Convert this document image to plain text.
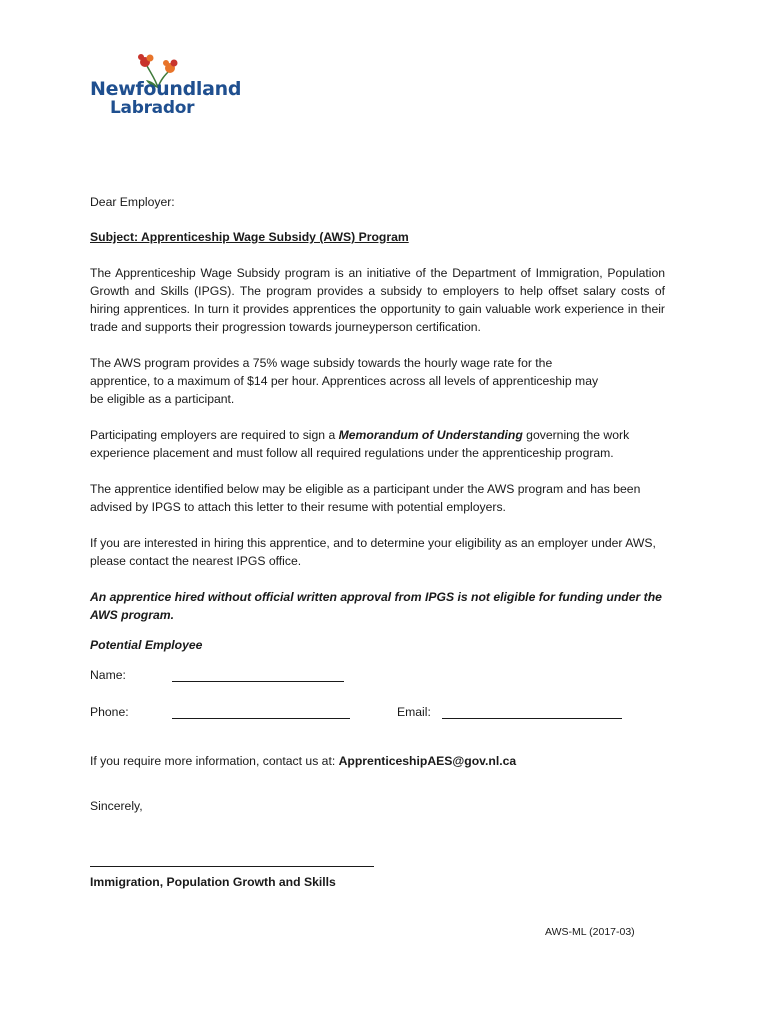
Newfoundland
Labrador
Dear Employer:
Subject: Apprenticeship Wage Subsidy (AWS) Program
The Apprenticeship Wage Subsidy program is an initiative of the Department of Immigration, Population Growth and Skills (IPGS). The program provides a subsidy to employers to help offset salary costs of hiring apprentices. In turn it provides apprentices the opportunity to gain valuable work experience in their trade and supports their progression towards journeyperson certification.
The AWS program provides a 75% wage subsidy towards the hourly wage rate for the
apprentice, to a maximum of $14 per hour. Apprentices across all levels of apprenticeship may
be eligible as a participant.
Participating employers are required to sign a Memorandum of Understanding governing the work experience placement and must follow all required regulations under the apprenticeship program.
The apprentice identified below may be eligible as a participant under the AWS program and has been advised by IPGS to attach this letter to their resume with potential employers.
If you are interested in hiring this apprentice, and to determine your eligibility as an employer under AWS, please contact the nearest IPGS office.
An apprentice hired without official written approval from IPGS is not eligible for funding under the AWS program.
Potential Employee
Name:
Phone:	Email:
If you require more information, contact us at: ApprenticeshipAES@gov.nl.ca
Sincerely,
Immigration, Population Growth and Skills
AWS-ML (2017-03)
